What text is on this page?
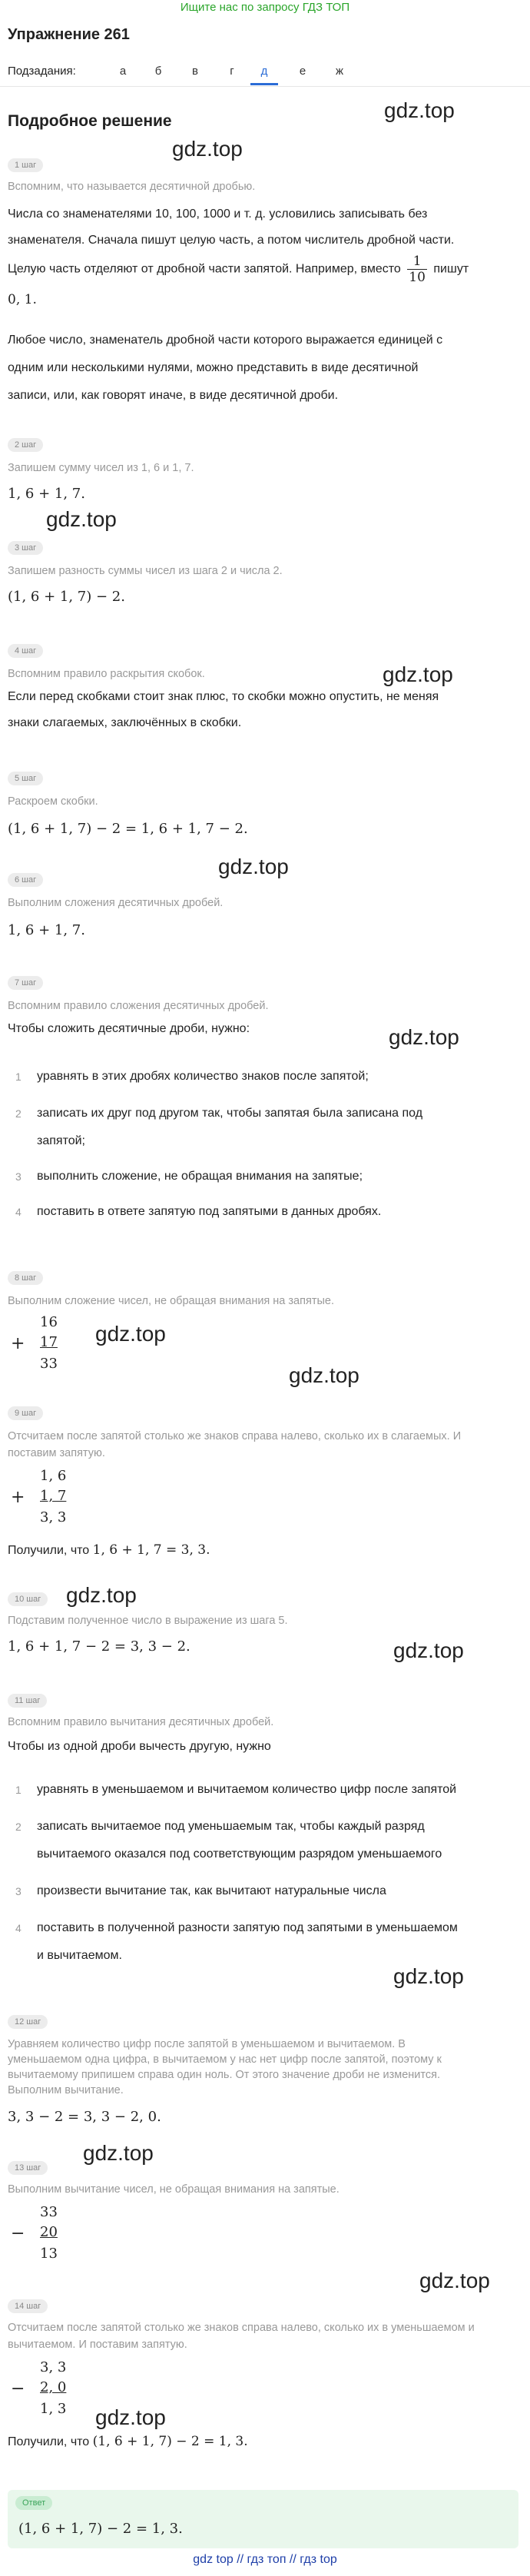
Ищите нас по запросу ГДЗ ТОП
Упражнение 261
Подзадания:	а	б	в	г	д	е	ж
Подробное решение	gdz.top
gdz.top
gdz.top
gdz.top
gdz.top
gdz.top
gdz.top
gdz.top
gdz.top
gdz.top
gdz.top
gdz.top
gdz.top
gdz.top
1 шаг
Вспомним, что называется десятичной дробью.
Числа со знаменателями 10, 100, 1000 и т. д. условились записывать без
знаменателя. Сначала пишут целую часть, а потом числитель дробной части.
Целую часть отделяют от дробной части запятой. Например, вместо $\frac{1}{10}$ пишут
0, 1.
Любое число, знаменатель дробной части которого выражается единицей с
одним или несколькими нулями, можно представить в виде десятичной
записи, или, как говорят иначе, в виде десятичной дроби.
2 шаг
Запишем сумму чисел из 1, 6 и 1, 7.
1, 6 + 1, 7.
3 шаг
Запишем разность суммы чисел из шага 2 и числа 2.
(1, 6 + 1, 7) − 2.
4 шаг
Вспомним правило раскрытия скобок.
Если перед скобками стоит знак плюс, то скобки можно опустить, не меняя
знаки слагаемых, заключённых в скобки.
5 шаг
Раскроем скобки.
(1, 6 + 1, 7) − 2 = 1, 6 + 1, 7 − 2.
6 шаг
Выполним сложения десятичных дробей.
1, 6 + 1, 7.
7 шаг
Вспомним правило сложения десятичных дробей.
Чтобы сложить десятичные дроби, нужно:
1 уравнять в этих дробях количество знаков после запятой;
2 записать их друг под другом так, чтобы запятая была записана под
запятой;
3 выполнить сложение, не обращая внимания на запятые;
4 поставить в ответе запятую под запятыми в данных дробях.
8 шаг
Выполним сложение чисел, не обращая внимания на запятые.
+
16
17
33
9 шаг
Отсчитаем после запятой столько же знаков справа налево, сколько их в слагаемых. И
поставим запятую.
+
1, 6
1, 7
3, 3
Получили, что 1, 6 + 1, 7 = 3, 3.
10 шаг
Подставим полученное число в выражение из шага 5.
1, 6 + 1, 7 − 2 = 3, 3 − 2.
11 шаг
Вспомним правило вычитания десятичных дробей.
Чтобы из одной дроби вычесть другую, нужно
1 уравнять в уменьшаемом и вычитаемом количество цифр после запятой
2 записать вычитаемое под уменьшаемым так, чтобы каждый разряд
вычитаемого оказался под соответствующим разрядом уменьшаемого
3 произвести вычитание так, как вычитают натуральные числа
4 поставить в полученной разности запятую под запятыми в уменьшаемом
и вычитаемом.
12 шаг
Уравняем количество цифр после запятой в уменьшаемом и вычитаемом. В
уменьшаемом одна цифра, в вычитаемом у нас нет цифр после запятой, поэтому к
вычитаемому припишем справа один ноль. От этого значение дроби не изменится.
Выполним вычитание.
3, 3 − 2 = 3, 3 − 2, 0.
13 шаг
Выполним вычитание чисел, не обращая внимания на запятые.
−
33
20
13
14 шаг
Отсчитаем после запятой столько же знаков справа налево, сколько их в уменьшаемом и
вычитаемом. И поставим запятую.
−
3, 3
2, 0
1, 3
Получили, что (1, 6 + 1, 7) − 2 = 1, 3.
Ответ
(1, 6 + 1, 7) − 2 = 1, 3.
gdz top // гдз топ // гдз top
